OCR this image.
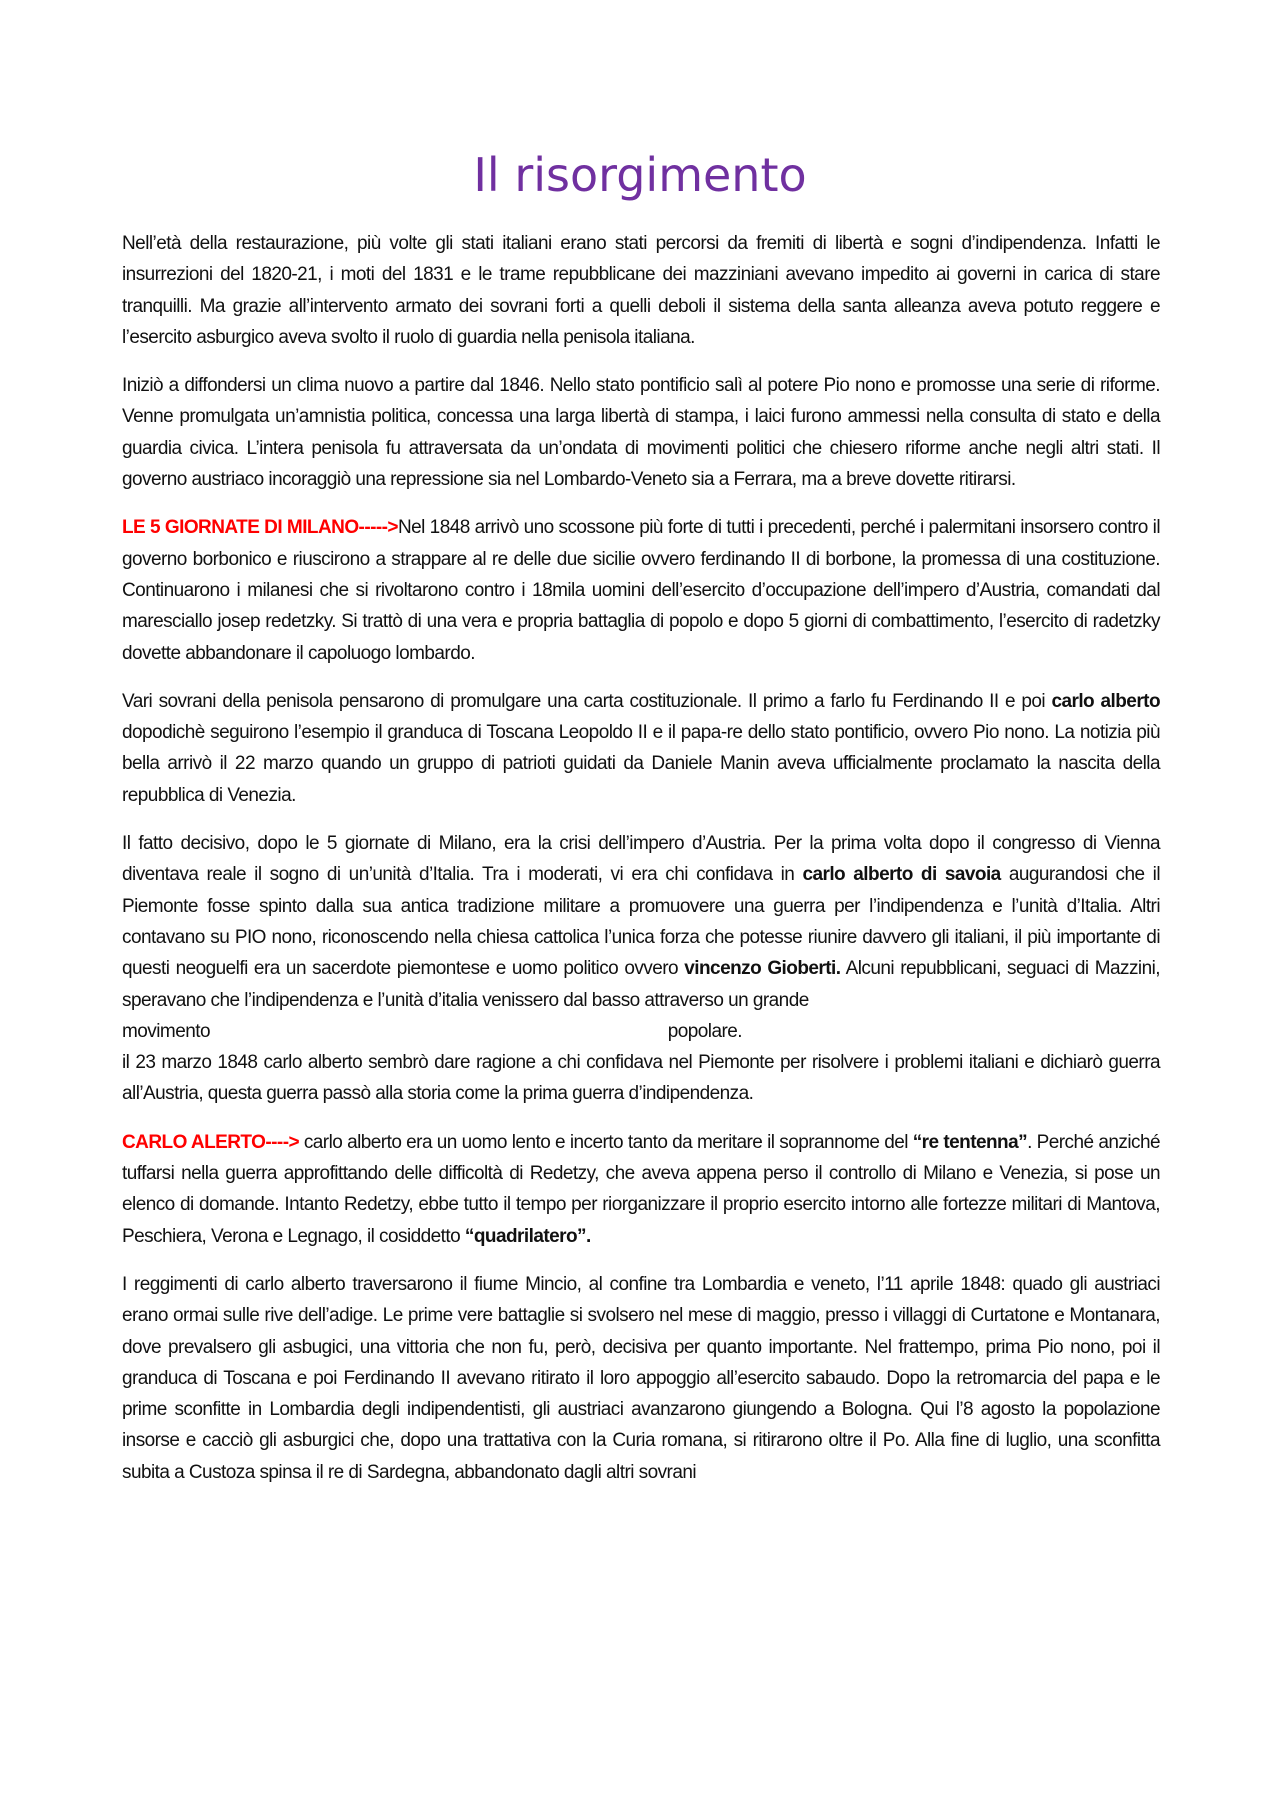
Il risorgimento

Nell’età della restaurazione, più volte gli stati italiani erano stati percorsi da fremiti di libertà e sogni d’indipendenza. Infatti le insurrezioni del 1820-21, i moti del 1831 e le trame repubblicane dei mazziniani avevano impedito ai governi in carica di stare tranquilli. Ma grazie all’intervento armato dei sovrani forti a quelli deboli il sistema della santa alleanza aveva potuto reggere e l’esercito asburgico aveva svolto il ruolo di guardia nella penisola italiana.

Iniziò a diffondersi un clima nuovo a partire dal 1846. Nello stato pontificio salì al potere Pio nono e promosse una serie di riforme. Venne promulgata un’amnistia politica, concessa una larga libertà di stampa, i laici furono ammessi nella consulta di stato e della guardia civica. L’intera penisola fu attraversata da un’ondata di movimenti politici che chiesero riforme anche negli altri stati. Il governo austriaco incoraggiò una repressione sia nel Lombardo-Veneto sia a Ferrara, ma a breve dovette ritirarsi.

LE 5 GIORNATE DI MILANO----->Nel 1848 arrivò uno scossone più forte di tutti i precedenti, perché i palermitani insorsero contro il governo borbonico e riuscirono a strappare al re delle due sicilie ovvero ferdinando II di borbone, la promessa di una costituzione. Continuarono i milanesi che si rivoltarono contro i 18mila uomini dell’esercito d’occupazione dell’impero d’Austria, comandati dal maresciallo josep redetzky. Si trattò di una vera e propria battaglia di popolo e dopo 5 giorni di combattimento, l’esercito di radetzky dovette abbandonare il capoluogo lombardo.

Vari sovrani della penisola pensarono di promulgare una carta costituzionale. Il primo a farlo fu Ferdinando II e poi carlo alberto dopodichè seguirono l’esempio il granduca di Toscana Leopoldo II e il papa-re dello stato pontificio, ovvero Pio nono. La notizia più bella arrivò il 22 marzo quando un gruppo di patrioti guidati da Daniele Manin aveva ufficialmente proclamato la nascita della repubblica di Venezia.

Il fatto decisivo, dopo le 5 giornate di Milano, era la crisi dell’impero d’Austria. Per la prima volta dopo il congresso di Vienna diventava reale il sogno di un’unità d’Italia. Tra i moderati, vi era chi confidava in carlo alberto di savoia augurandosi che il Piemonte fosse spinto dalla sua antica tradizione militare a promuovere una guerra per l’indipendenza e l’unità d’Italia. Altri contavano su PIO nono, riconoscendo nella chiesa cattolica l’unica forza che potesse riunire davvero gli italiani, il più importante di questi neoguelfi era un sacerdote piemontese e uomo politico ovvero vincenzo Gioberti. Alcuni repubblicani, seguaci di Mazzini, speravano che l’indipendenza e l’unità d’italia venissero dal basso attraverso un grande

movimento	popolare.

il 23 marzo 1848 carlo alberto sembrò dare ragione a chi confidava nel Piemonte per risolvere i problemi italiani e dichiarò guerra all’Austria, questa guerra passò alla storia come la prima guerra d’indipendenza.

CARLO ALERTO----> carlo alberto era un uomo lento e incerto tanto da meritare il soprannome del “re tentenna”. Perché anziché tuffarsi nella guerra approfittando delle difficoltà di Redetzy, che aveva appena perso il controllo di Milano e Venezia, si pose un elenco di domande. Intanto Redetzy, ebbe tutto il tempo per riorganizzare il proprio esercito intorno alle fortezze militari di Mantova, Peschiera, Verona e Legnago, il cosiddetto “quadrilatero”.

I reggimenti di carlo alberto traversarono il fiume Mincio, al confine tra Lombardia e veneto, l’11 aprile 1848: quado gli austriaci erano ormai sulle rive dell’adige. Le prime vere battaglie si svolsero nel mese di maggio, presso i villaggi di Curtatone e Montanara, dove prevalsero gli asbugici, una vittoria che non fu, però, decisiva per quanto importante. Nel frattempo, prima Pio nono, poi il granduca di Toscana e poi Ferdinando II avevano ritirato il loro appoggio all’esercito sabaudo. Dopo la retromarcia del papa e le prime sconfitte in Lombardia degli indipendentisti, gli austriaci avanzarono giungendo a Bologna. Qui l’8 agosto la popolazione insorse e cacciò gli asburgici che, dopo una trattativa con la Curia romana, si ritirarono oltre il Po. Alla fine di luglio, una sconfitta subita a Custoza spinsa il re di Sardegna, abbandonato dagli altri sovrani
